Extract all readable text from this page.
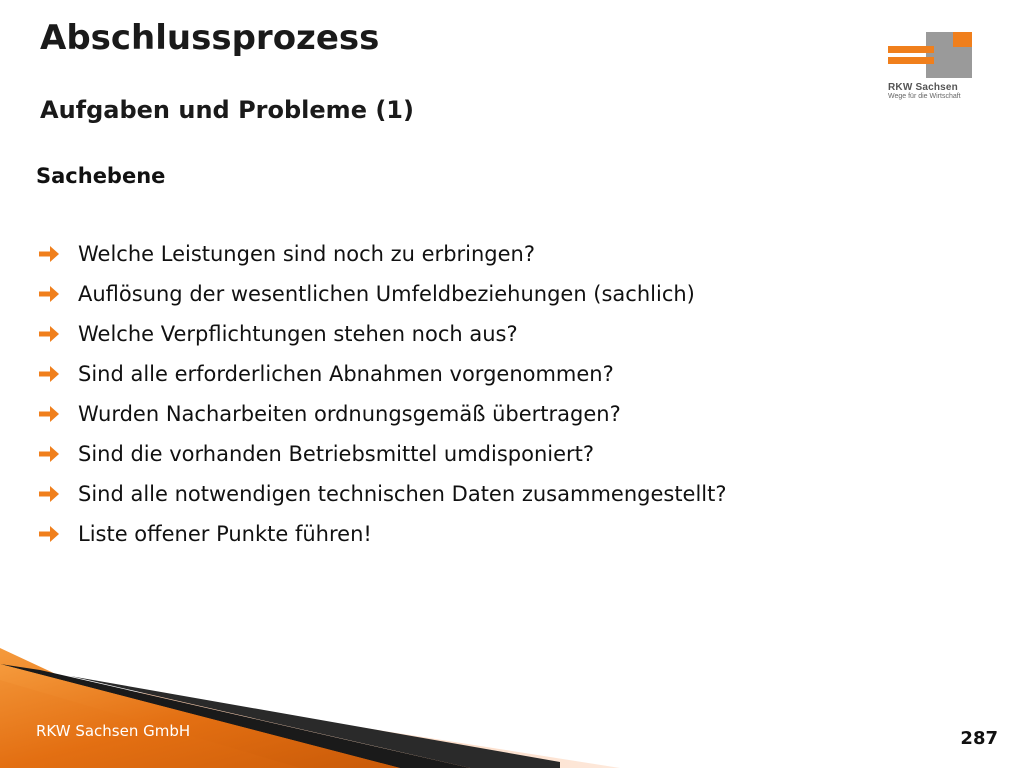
Abschlussprozess
Aufgaben und Probleme (1)
RKW Sachsen
Wege für die Wirtschaft
Sachebene
Welche Leistungen sind noch zu erbringen?
Auflösung der wesentlichen Umfeldbeziehungen (sachlich)
Welche Verpflichtungen stehen noch aus?
Sind alle erforderlichen Abnahmen vorgenommen?
Wurden Nacharbeiten ordnungsgemäß übertragen?
Sind die vorhanden Betriebsmittel umdisponiert?
Sind alle notwendigen technischen Daten zusammengestellt?
Liste offener Punkte führen!
RKW Sachsen GmbH	287
